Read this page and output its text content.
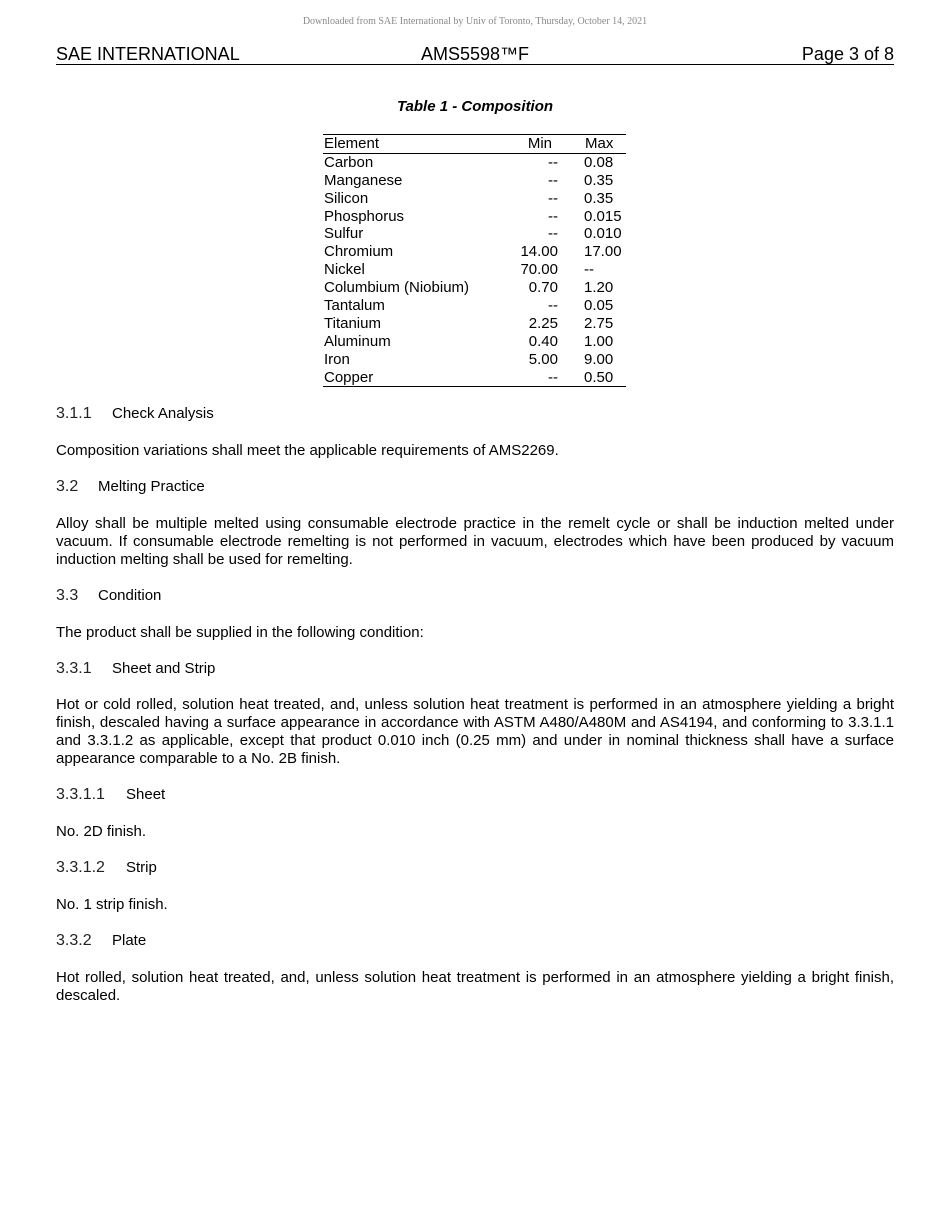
Downloaded from SAE International by Univ of Toronto, Thursday, October 14, 2021
SAE INTERNATIONAL	AMS5598™F	Page 3 of 8
Table 1 - Composition
Element	Min Max
Carbon	-- 0.08
Manganese	-- 0.35
Silicon	-- 0.35
Phosphorus	-- 0.015
Sulfur	-- 0.010
Chromium	14.00 17.00
Nickel	70.00 --
Columbium (Niobium)	0.70 1.20
Tantalum	-- 0.05
Titanium	2.25 2.75
Aluminum	0.40 1.00
Iron	5.00 9.00
Copper	-- 0.50
3.1.1 Check Analysis
Composition variations shall meet the applicable requirements of AMS2269.
3.2 Melting Practice
Alloy shall be multiple melted using consumable electrode practice in the remelt cycle or shall be induction melted under vacuum. If consumable electrode remelting is not performed in vacuum, electrodes which have been produced by vacuum induction melting shall be used for remelting.
3.3 Condition
The product shall be supplied in the following condition:
3.3.1 Sheet and Strip
Hot or cold rolled, solution heat treated, and, unless solution heat treatment is performed in an atmosphere yielding a bright finish, descaled having a surface appearance in accordance with ASTM A480/A480M and AS4194, and conforming to 3.3.1.1 and 3.3.1.2 as applicable, except that product 0.010 inch (0.25 mm) and under in nominal thickness shall have a surface appearance comparable to a No. 2B finish.
3.3.1.1 Sheet
No. 2D finish.
3.3.1.2 Strip
No. 1 strip finish.
3.3.2 Plate
Hot rolled, solution heat treated, and, unless solution heat treatment is performed in an atmosphere yielding a bright finish, descaled.
